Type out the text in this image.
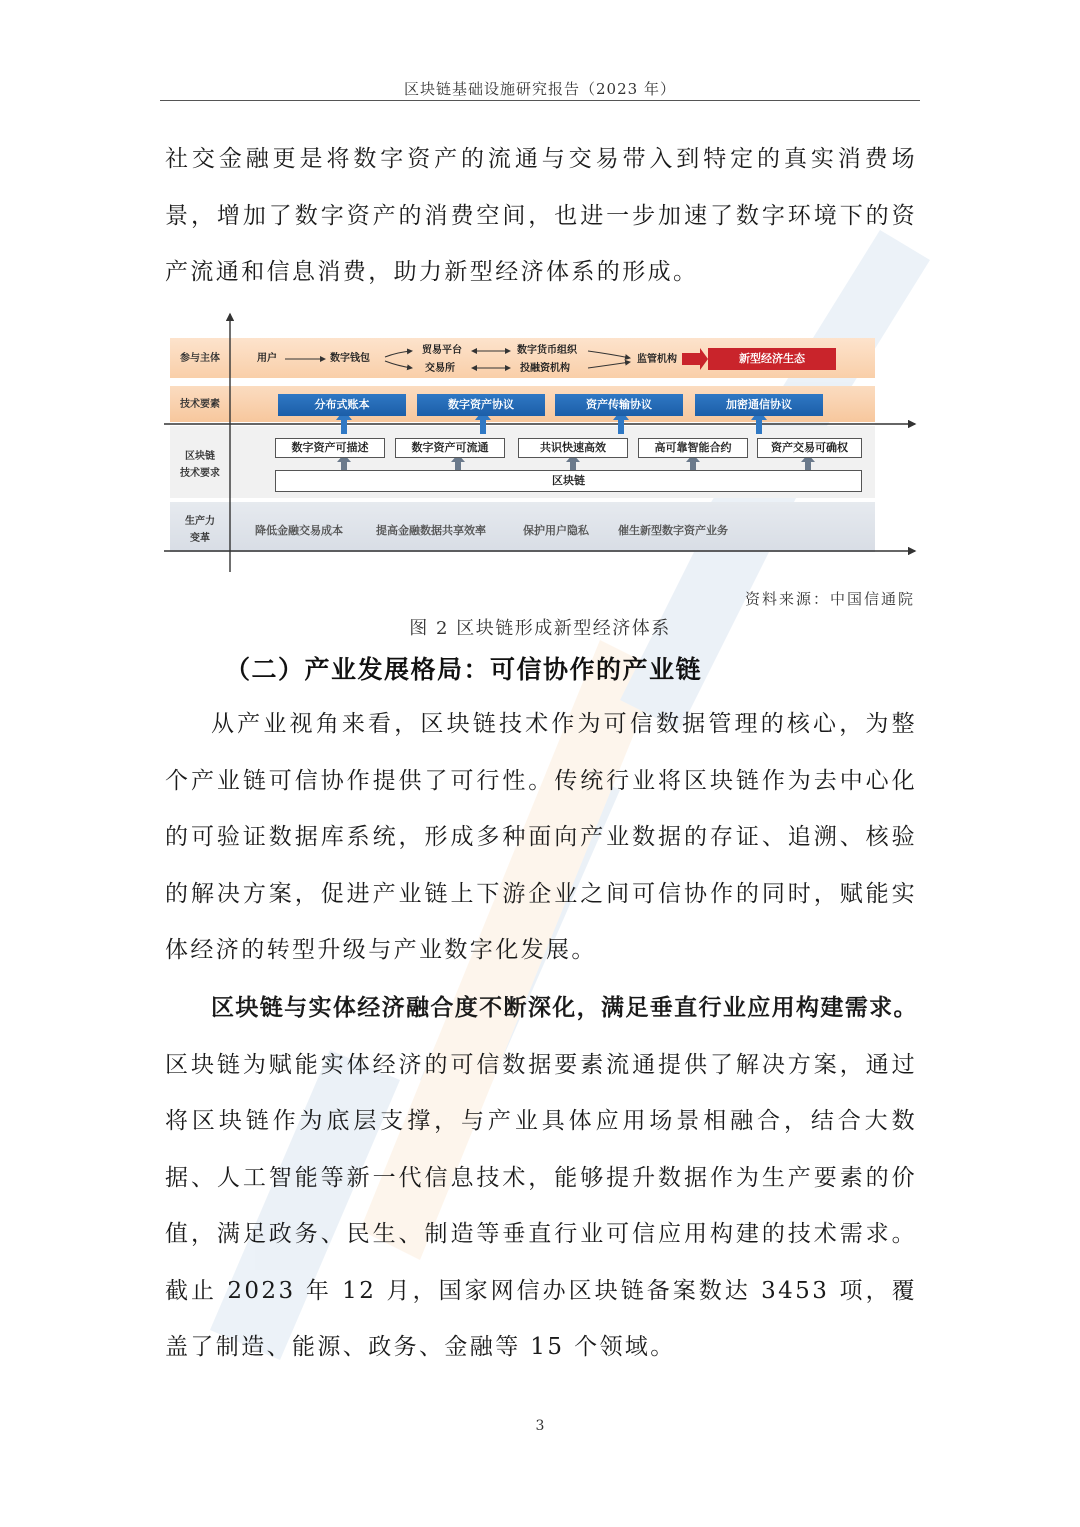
区块链基础设施研究报告（2023 年）

社交金融更是将数字资产的流通与交易带入到特定的真实消费场景，增加了数字资产的消费空间，也进一步加速了数字环境下的资产流通和信息消费，助力新型经济体系的形成。

参与主体
技术要素
区块链
技术要求
生产力
变革
用户	数字钱包
贸易平台
交易所
数字货币组织
投融资机构
监管机构	新型经济生态
分布式账本	数字资产协议	资产传输协议	加密通信协议
数字资产可描述	数字资产可流通	共识快速高效	高可靠智能合约	资产交易可确权
区块链
降低金融交易成本	提高金融数据共享效率	保护用户隐私	催生新型数字资产业务
资料来源：中国信通院
图 2 区块链形成新型经济体系
（二）产业发展格局：可信协作的产业链

从产业视角来看，区块链技术作为可信数据管理的核心，为整个产业链可信协作提供了可行性。传统行业将区块链作为去中心化的可验证数据库系统，形成多种面向产业数据的存证、追溯、核验的解决方案，促进产业链上下游企业之间可信协作的同时，赋能实体经济的转型升级与产业数字化发展。

区块链与实体经济融合度不断深化，满足垂直行业应用构建需求。区块链为赋能实体经济的可信数据要素流通提供了解决方案，通过将区块链作为底层支撑，与产业具体应用场景相融合，结合大数据、人工智能等新一代信息技术，能够提升数据作为生产要素的价值，满足政务、民生、制造等垂直行业可信应用构建的技术需求。截止 2023 年 12 月，国家网信办区块链备案数达 3453 项，覆盖了制造、能源、政务、金融等 15 个领域。

3
